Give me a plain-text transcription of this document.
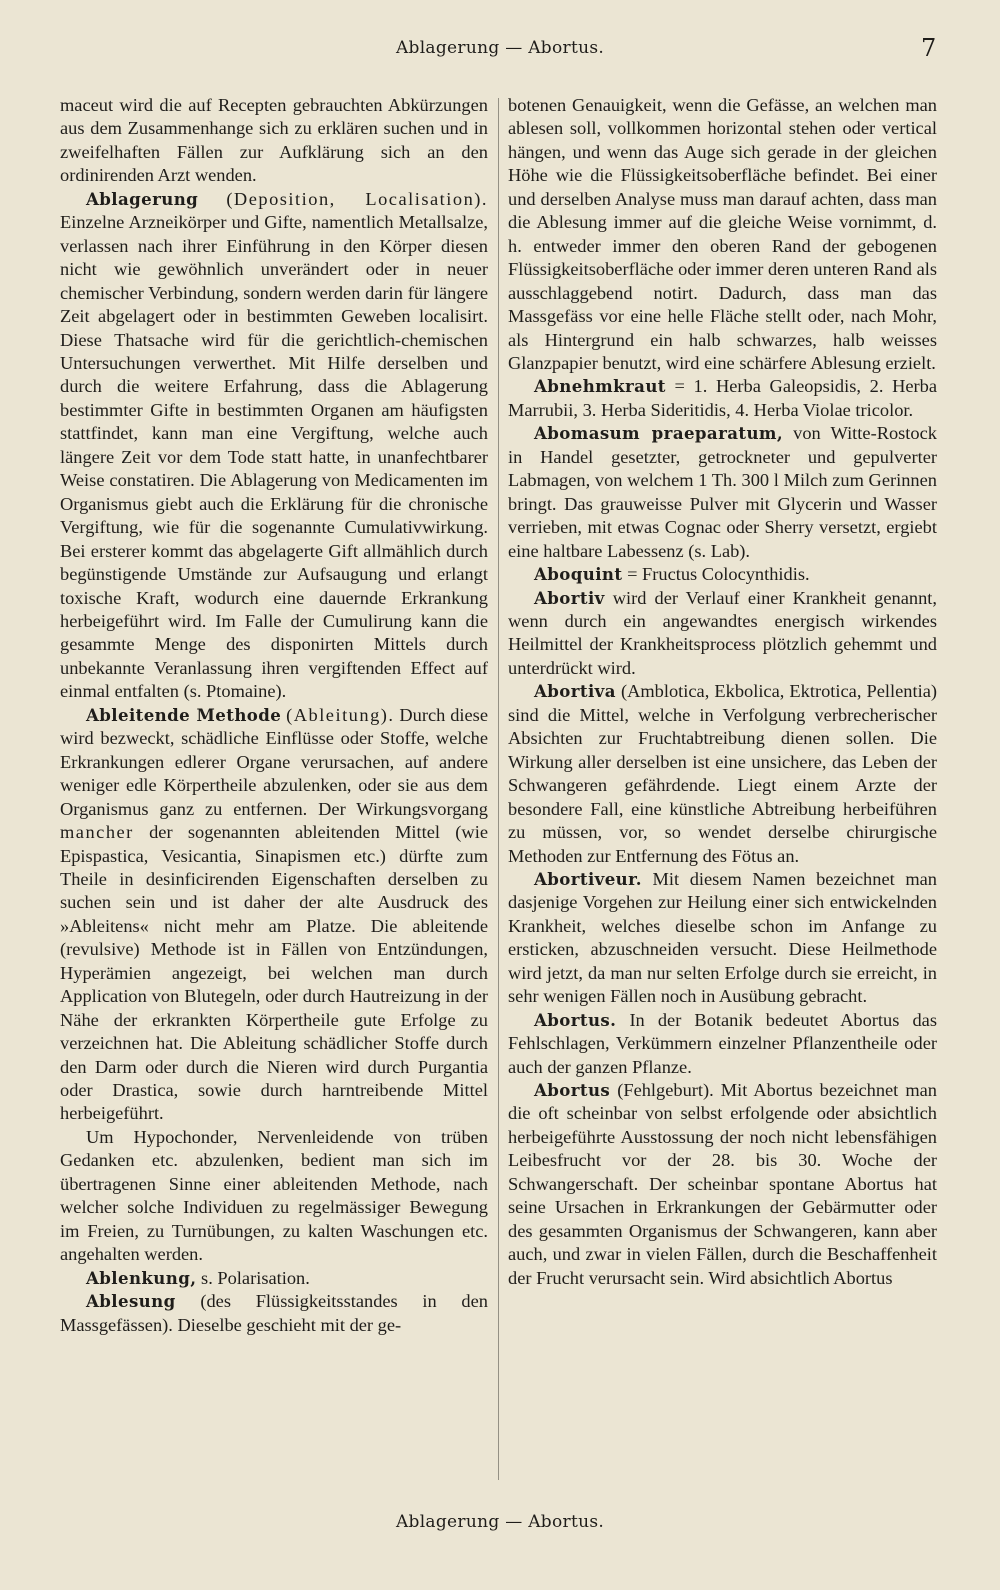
Ablagerung — Abortus.	7

maceut wird die auf Recepten gebrauchten Abkürzungen aus dem Zusammenhange sich zu erklären suchen und in zweifelhaften Fällen zur Aufklärung sich an den ordinirenden Arzt wenden.

Ablagerung (Deposition, Localisation). Einzelne Arzneikörper und Gifte, namentlich Metallsalze, verlassen nach ihrer Einführung in den Körper diesen nicht wie gewöhnlich unverändert oder in neuer chemischer Verbindung, sondern werden darin für längere Zeit abgelagert oder in bestimmten Geweben localisirt. Diese Thatsache wird für die gerichtlich-chemischen Untersuchungen verwerthet. Mit Hilfe derselben und durch die weitere Erfahrung, dass die Ablagerung bestimmter Gifte in bestimmten Organen am häufigsten stattfindet, kann man eine Vergiftung, welche auch längere Zeit vor dem Tode statt hatte, in unanfechtbarer Weise constatiren. Die Ablagerung von Medicamenten im Organismus giebt auch die Erklärung für die chronische Vergiftung, wie für die sogenannte Cumulativwirkung. Bei ersterer kommt das abgelagerte Gift allmählich durch begünstigende Umstände zur Aufsaugung und erlangt toxische Kraft, wodurch eine dauernde Erkrankung herbeigeführt wird. Im Falle der Cumulirung kann die gesammte Menge des disponirten Mittels durch unbekannte Veranlassung ihren vergiftenden Effect auf einmal entfalten (s. Ptomaine).

Ableitende Methode (Ableitung). Durch diese wird bezweckt, schädliche Einflüsse oder Stoffe, welche Erkrankungen edlerer Organe verursachen, auf andere weniger edle Körpertheile abzulenken, oder sie aus dem Organismus ganz zu entfernen. Der Wirkungsvorgang mancher der sogenannten ableitenden Mittel (wie Epispastica, Vesicantia, Sinapismen etc.) dürfte zum Theile in desinficirenden Eigenschaften derselben zu suchen sein und ist daher der alte Ausdruck des »Ableitens« nicht mehr am Platze. Die ableitende (revulsive) Methode ist in Fällen von Entzündungen, Hyperämien angezeigt, bei welchen man durch Application von Blutegeln, oder durch Hautreizung in der Nähe der erkrankten Körpertheile gute Erfolge zu verzeichnen hat. Die Ableitung schädlicher Stoffe durch den Darm oder durch die Nieren wird durch Purgantia oder Drastica, sowie durch harntreibende Mittel herbeigeführt.

Um Hypochonder, Nervenleidende von trüben Gedanken etc. abzulenken, bedient man sich im übertragenen Sinne einer ableitenden Methode, nach welcher solche Individuen zu regelmässiger Bewegung im Freien, zu Turnübungen, zu kalten Waschungen etc. angehalten werden.

Ablenkung, s. Polarisation.

Ablesung (des Flüssigkeitsstandes in den Massgefässen). Dieselbe geschieht mit der ge-

botenen Genauigkeit, wenn die Gefässe, an welchen man ablesen soll, vollkommen horizontal stehen oder vertical hängen, und wenn das Auge sich gerade in der gleichen Höhe wie die Flüssigkeitsoberfläche befindet. Bei einer und derselben Analyse muss man darauf achten, dass man die Ablesung immer auf die gleiche Weise vornimmt, d. h. entweder immer den oberen Rand der gebogenen Flüssigkeitsoberfläche oder immer deren unteren Rand als ausschlaggebend notirt. Dadurch, dass man das Massgefäss vor eine helle Fläche stellt oder, nach Mohr, als Hintergrund ein halb schwarzes, halb weisses Glanzpapier benutzt, wird eine schärfere Ablesung erzielt.

Abnehmkraut = 1. Herba Galeopsidis, 2. Herba Marrubii, 3. Herba Sideritidis, 4. Herba Violae tricolor.

Abomasum praeparatum, von Witte-Rostock in Handel gesetzter, getrockneter und gepulverter Labmagen, von welchem 1 Th. 300 l Milch zum Gerinnen bringt. Das grauweisse Pulver mit Glycerin und Wasser verrieben, mit etwas Cognac oder Sherry versetzt, ergiebt eine haltbare Labessenz (s. Lab).

Aboquint = Fructus Colocynthidis.

Abortiv wird der Verlauf einer Krankheit genannt, wenn durch ein angewandtes energisch wirkendes Heilmittel der Krankheitsprocess plötzlich gehemmt und unterdrückt wird.

Abortiva (Amblotica, Ekbolica, Ektrotica, Pellentia) sind die Mittel, welche in Verfolgung verbrecherischer Absichten zur Fruchtabtreibung dienen sollen. Die Wirkung aller derselben ist eine unsichere, das Leben der Schwangeren gefährdende. Liegt einem Arzte der besondere Fall, eine künstliche Abtreibung herbeiführen zu müssen, vor, so wendet derselbe chirurgische Methoden zur Entfernung des Fötus an.

Abortiveur. Mit diesem Namen bezeichnet man dasjenige Vorgehen zur Heilung einer sich entwickelnden Krankheit, welches dieselbe schon im Anfange zu ersticken, abzuschneiden versucht. Diese Heilmethode wird jetzt, da man nur selten Erfolge durch sie erreicht, in sehr wenigen Fällen noch in Ausübung gebracht.

Abortus. In der Botanik bedeutet Abortus das Fehlschlagen, Verkümmern einzelner Pflanzentheile oder auch der ganzen Pflanze.

Abortus (Fehlgeburt). Mit Abortus bezeichnet man die oft scheinbar von selbst erfolgende oder absichtlich herbeigeführte Ausstossung der noch nicht lebensfähigen Leibesfrucht vor der 28. bis 30. Woche der Schwangerschaft. Der scheinbar spontane Abortus hat seine Ursachen in Erkrankungen der Gebärmutter oder des gesammten Organismus der Schwangeren, kann aber auch, und zwar in vielen Fällen, durch die Beschaffenheit der Frucht verursacht sein. Wird absichtlich Abortus

Ablagerung — Abortus.
